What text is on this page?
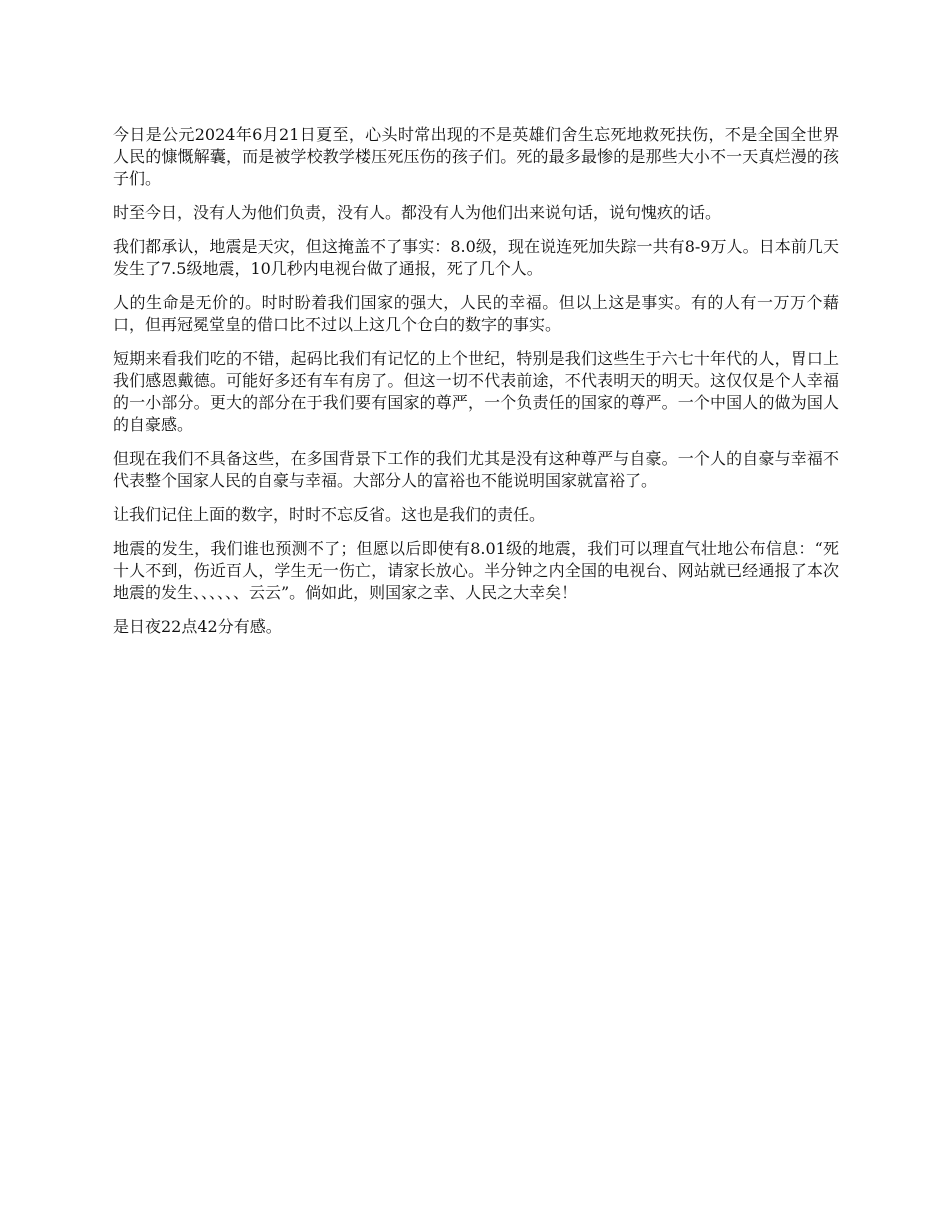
今日是公元2024年6月21日夏至，心头时常出现的不是英雄们舍生忘死地救死扶伤，不是全国全世界人民的慷慨解囊，而是被学校教学楼压死压伤的孩子们。死的最多最惨的是那些大小不一天真烂漫的孩子们。

时至今日，没有人为他们负责，没有人。都没有人为他们出来说句话，说句愧疚的话。

我们都承认，地震是天灾，但这掩盖不了事实：8.0级，现在说连死加失踪一共有8-9万人。日本前几天发生了7.5级地震，10几秒内电视台做了通报，死了几个人。

人的生命是无价的。时时盼着我们国家的强大，人民的幸福。但以上这是事实。有的人有一万万个藉口，但再冠冕堂皇的借口比不过以上这几个仓白的数字的事实。

短期来看我们吃的不错，起码比我们有记忆的上个世纪，特别是我们这些生于六七十年代的人，胃口上我们感恩戴德。可能好多还有车有房了。但这一切不代表前途，不代表明天的明天。这仅仅是个人幸福的一小部分。更大的部分在于我们要有国家的尊严，一个负责任的国家的尊严。一个中国人的做为国人的自豪感。

但现在我们不具备这些，在多国背景下工作的我们尤其是没有这种尊严与自豪。一个人的自豪与幸福不代表整个国家人民的自豪与幸福。大部分人的富裕也不能说明国家就富裕了。

让我们记住上面的数字，时时不忘反省。这也是我们的责任。

地震的发生，我们谁也预测不了；但愿以后即使有8.01级的地震，我们可以理直气壮地公布信息：“死十人不到，伤近百人，学生无一伤亡，请家长放心。半分钟之内全国的电视台、网站就已经通报了本次地震的发生、、、、、、云云”。倘如此，则国家之幸、人民之大幸矣！

是日夜22点42分有感。
